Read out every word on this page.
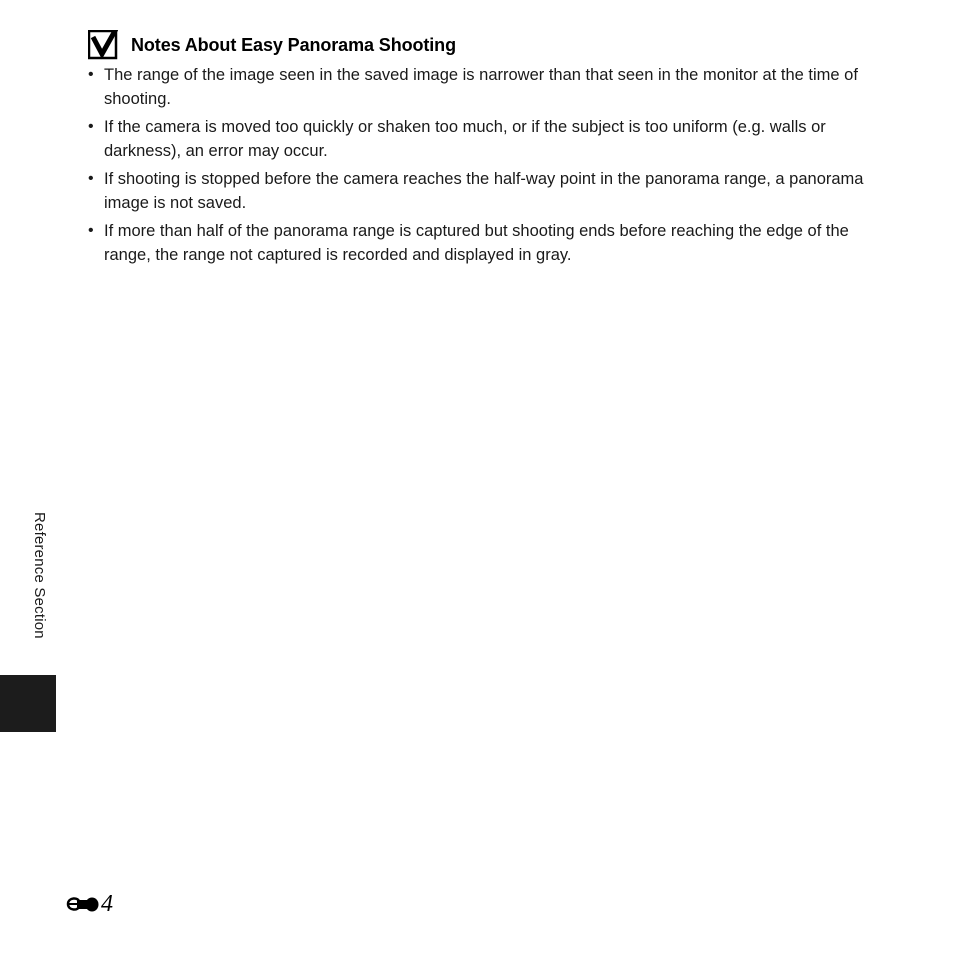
Notes About Easy Panorama Shooting
• The range of the image seen in the saved image is narrower than that seen in the monitor at the time of shooting.
• If the camera is moved too quickly or shaken too much, or if the subject is too uniform (e.g. walls or darkness), an error may occur.
• If shooting is stopped before the camera reaches the half-way point in the panorama range, a panorama image is not saved.
• If more than half of the panorama range is captured but shooting ends before reaching the edge of the range, the range not captured is recorded and displayed in gray.
Reference Section
4
